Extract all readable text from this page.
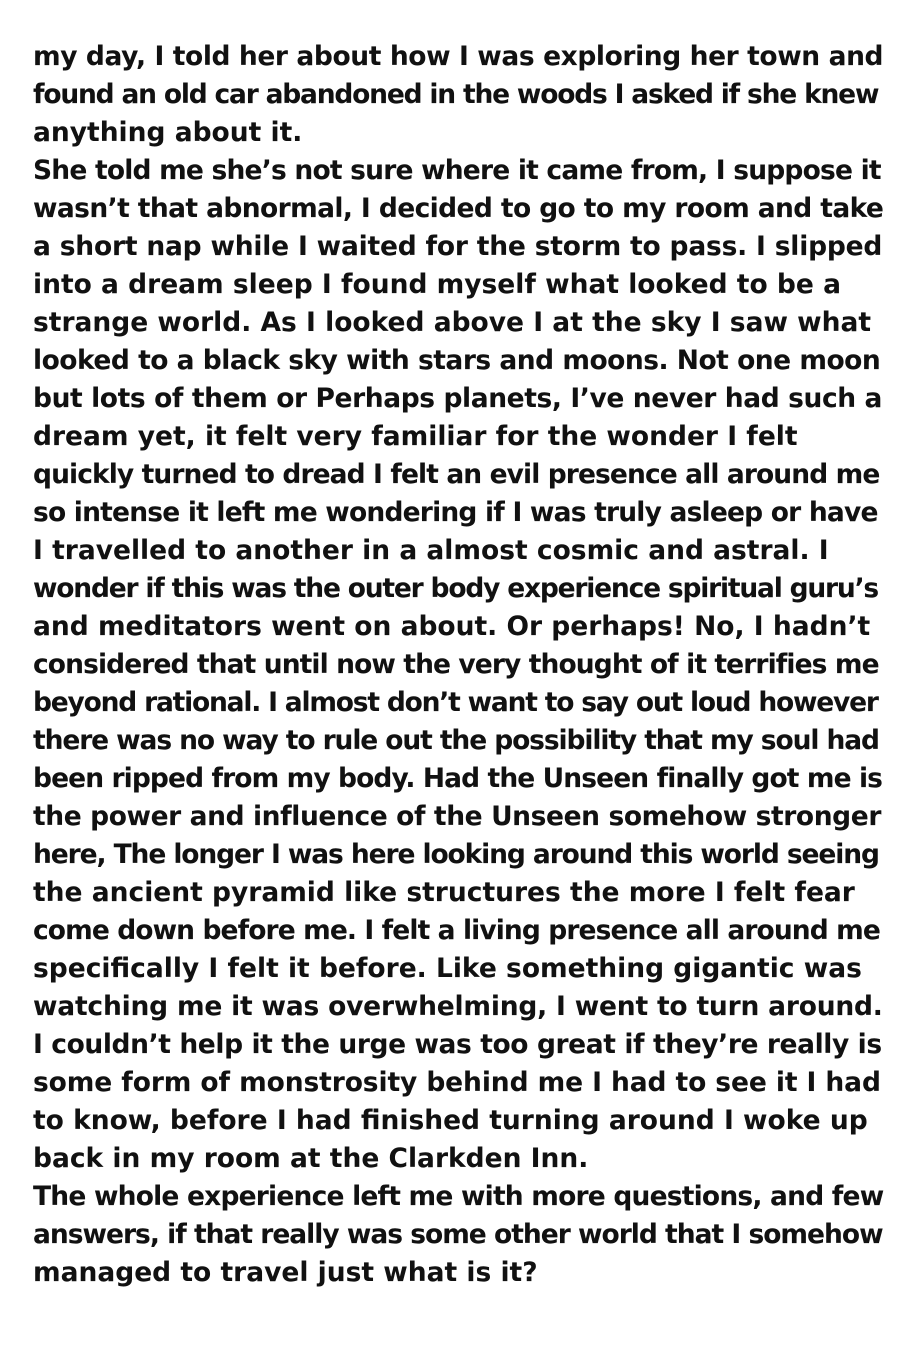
my day, I told her about how I was exploring her town and
found an old car abandoned in the woods I asked if she knew
anything about it.
She told me she’s not sure where it came from, I suppose it
wasn’t that abnormal, I decided to go to my room and take
a short nap while I waited for the storm to pass. I slipped
into a dream sleep I found myself what looked to be a
strange world. As I looked above I at the sky I saw what
looked to a black sky with stars and moons. Not one moon
but lots of them or Perhaps planets, I’ve never had such a
dream yet, it felt very familiar for the wonder I felt
quickly turned to dread I felt an evil presence all around me
so intense it left me wondering if I was truly asleep or have
I travelled to another in a almost cosmic and astral. I
wonder if this was the outer body experience spiritual guru’s
and meditators went on about. Or perhaps! No, I hadn’t
considered that until now the very thought of it terrifies me
beyond rational. I almost don’t want to say out loud however
there was no way to rule out the possibility that my soul had
been ripped from my body. Had the Unseen finally got me is
the power and influence of the Unseen somehow stronger
here, The longer I was here looking around this world seeing
the ancient pyramid like structures the more I felt fear
come down before me. I felt a living presence all around me
specifically I felt it before. Like something gigantic was
watching me it was overwhelming, I went to turn around.
I couldn’t help it the urge was too great if they’re really is
some form of monstrosity behind me I had to see it I had
to know, before I had finished turning around I woke up
back in my room at the Clarkden Inn.
The whole experience left me with more questions, and few
answers, if that really was some other world that I somehow
managed to travel just what is it?
